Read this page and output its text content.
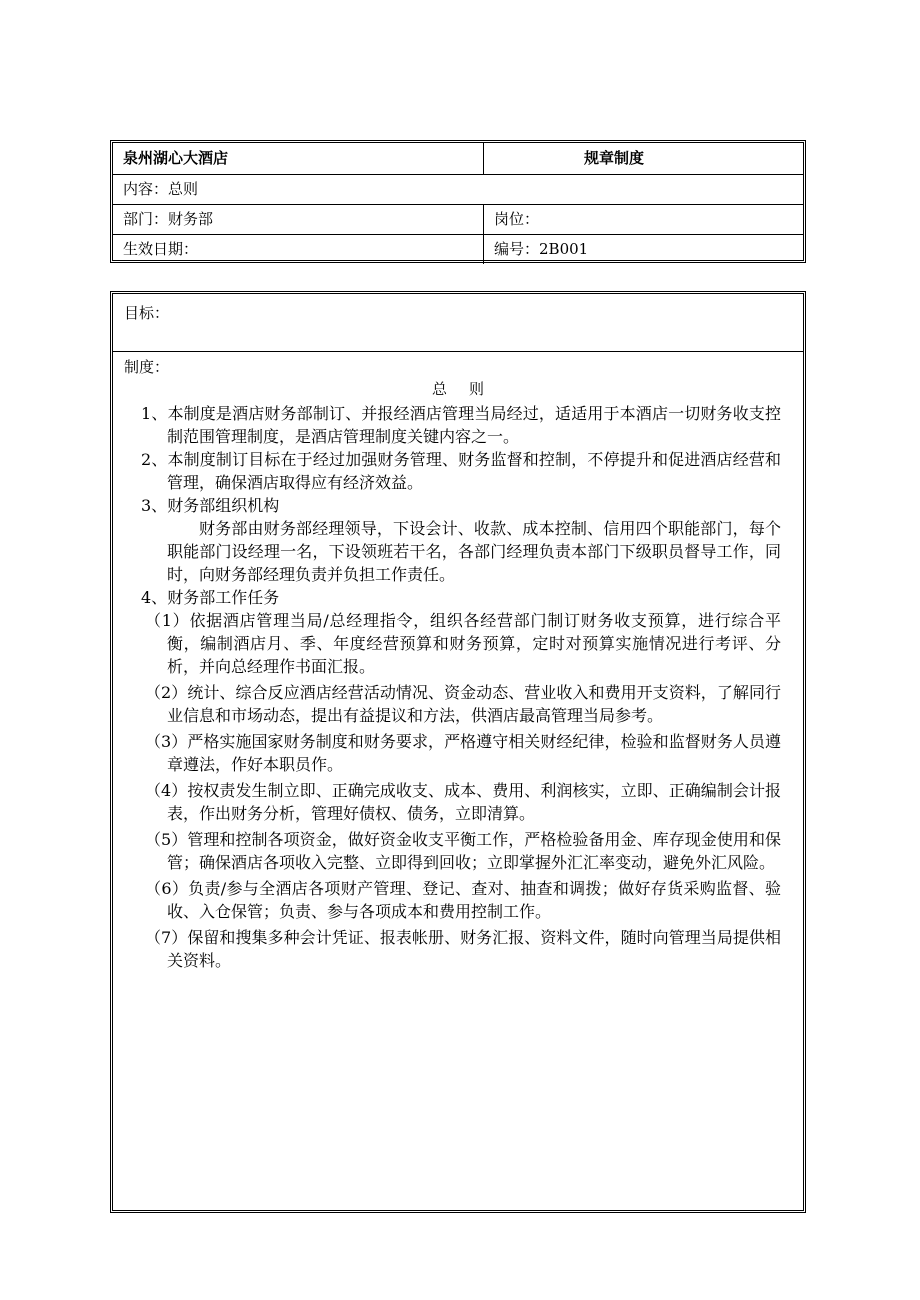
泉州湖心大酒店	规章制度
内容：总则	
部门：财务部	岗位：
生效日期：	编号：2B001
目标：
制度：
总则

1、本制度是酒店财务部制订、并报经酒店管理当局经过，适适用于本酒店一切财务收支控制范围管理制度，是酒店管理制度关键内容之一。

2、本制度制订目标在于经过加强财务管理、财务监督和控制，不停提升和促进酒店经营和管理，确保酒店取得应有经济效益。

3、财务部组织机构

财务部由财务部经理领导，下设会计、收款、成本控制、信用四个职能部门，每个职能部门设经理一名，下设领班若干名，各部门经理负责本部门下级职员督导工作，同时，向财务部经理负责并负担工作责任。

4、财务部工作任务

（1）依据酒店管理当局/总经理指令，组织各经营部门制订财务收支预算，进行综合平衡，编制酒店月、季、年度经营预算和财务预算，定时对预算实施情况进行考评、分析，并向总经理作书面汇报。

（2）统计、综合反应酒店经营活动情况、资金动态、营业收入和费用开支资料，了解同行业信息和市场动态，提出有益提议和方法，供酒店最高管理当局参考。

（3）严格实施国家财务制度和财务要求，严格遵守相关财经纪律，检验和监督财务人员遵章遵法，作好本职员作。

（4）按权责发生制立即、正确完成收支、成本、费用、利润核实，立即、正确编制会计报表，作出财务分析，管理好债权、债务，立即清算。

（5）管理和控制各项资金，做好资金收支平衡工作，严格检验备用金、库存现金使用和保管；确保酒店各项收入完整、立即得到回收；立即掌握外汇汇率变动，避免外汇风险。

（6）负责/参与全酒店各项财产管理、登记、查对、抽查和调拨；做好存货采购监督、验收、入仓保管；负责、参与各项成本和费用控制工作。

（7）保留和搜集多种会计凭证、报表帐册、财务汇报、资料文件，随时向管理当局提供相关资料。
